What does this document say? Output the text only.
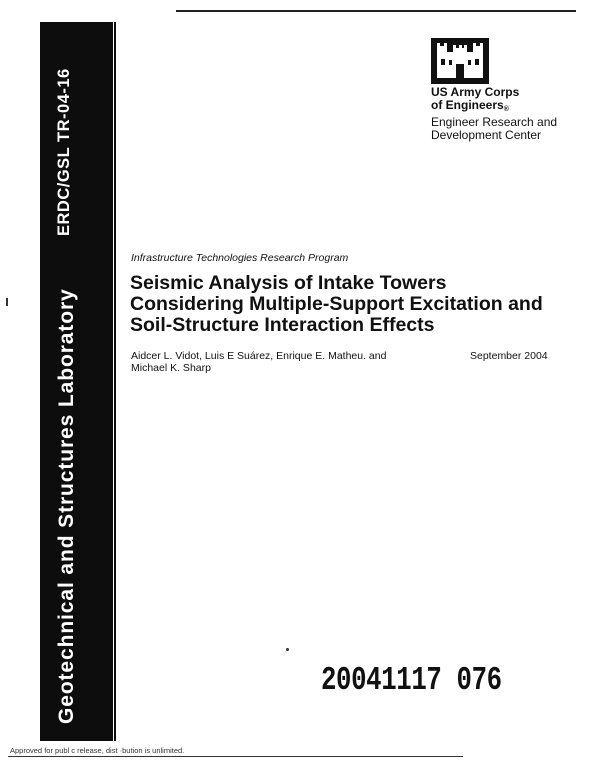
ERDC/GSL TR-04-16
Geotechnical and Structures Laboratory
US Army Corps
of Engineers$_®$
Engineer Research and
Development Center
Infrastructure Technologies Research Program
Seismic Analysis of Intake Towers
Considering Multiple-Support Excitation and
Soil-Structure Interaction Effects
Aidcer L. Vidot, Luis E Suárez, Enrique E. Matheu. and
Michael K. Sharp
September 2004
20041117 076
Approved for publ c release, dist ·bution is unlimited.
